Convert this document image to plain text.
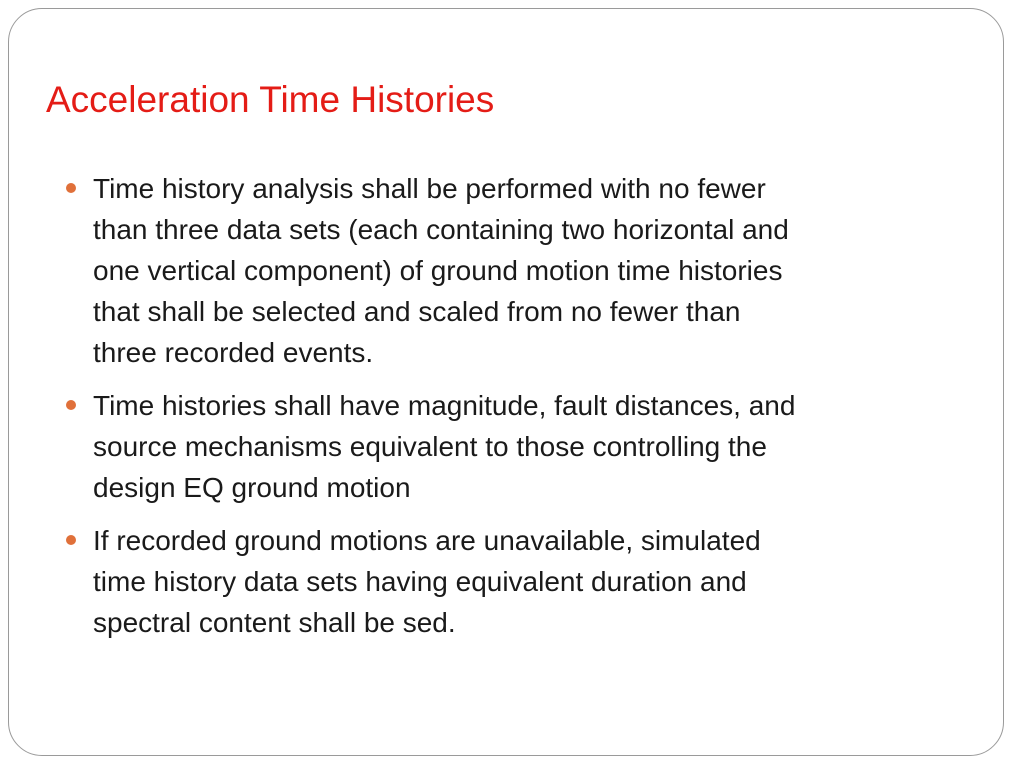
Acceleration Time Histories
Time history analysis shall be performed with no fewer
than three data sets (each containing two horizontal and
one vertical component) of ground motion time histories
that shall be selected and scaled from no fewer than
three recorded events.
Time histories shall have magnitude, fault distances, and
source mechanisms equivalent to those controlling the
design EQ ground motion
If recorded ground motions are unavailable, simulated
time history data sets having equivalent duration and
spectral content shall be sed.
